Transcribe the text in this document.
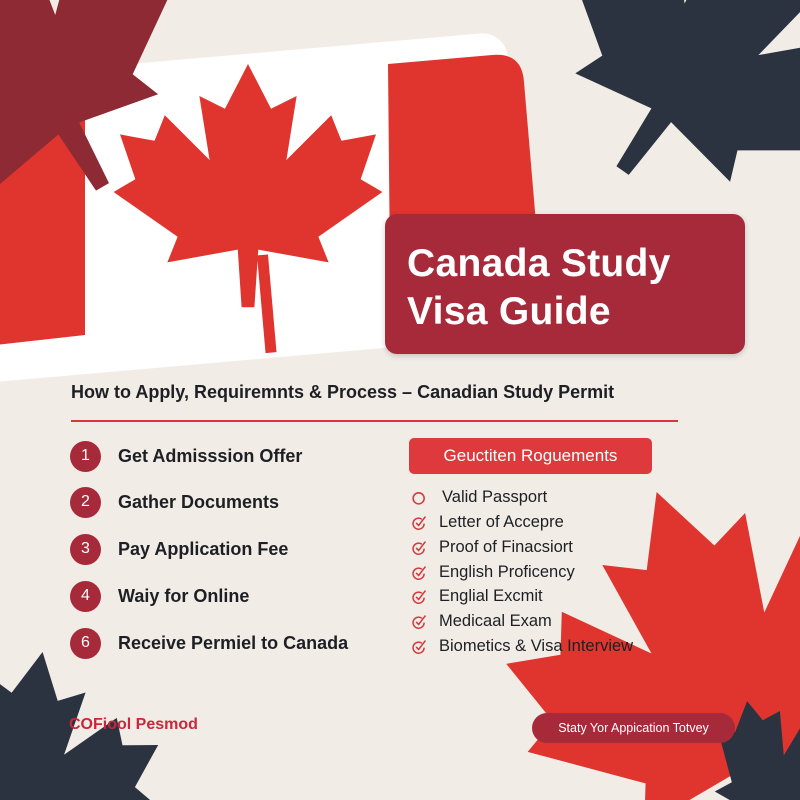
Canada Study
Visa Guide
How to Apply, Requiremnts & Process – Canadian Study Permit
1	Get Admisssion Offer
2	Gather Documents
3	Pay Application Fee
4	Waiy for Online
6	Receive Permiel to Canada
Geuctiten Roguements
Valid Passport
Letter of Accepre
Proof of Finacsiort
English Proficency
Englial Excmit
Medicaal Exam
Biometics & Visa Interview
COFiool Pesmod	Staty Yor Appication Totvey
